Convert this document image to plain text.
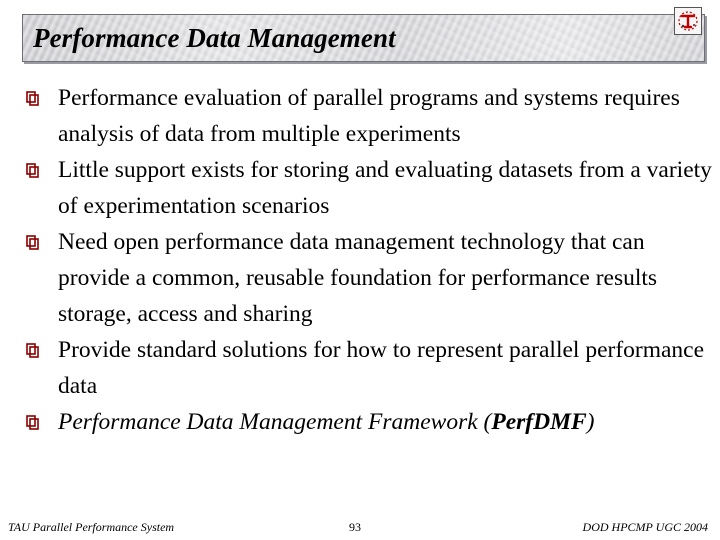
Performance Data Management
Performance evaluation of parallel programs and systems requires analysis of data from multiple experiments
Little support exists for storing and evaluating datasets from a variety of experimentation scenarios
Need open performance data management technology that can provide a common, reusable foundation for performance results storage, access and sharing
Provide standard solutions for how to represent parallel performance data
Performance Data Management Framework (PerfDMF)
TAU Parallel Performance System	93	DOD HPCMP UGC 2004
